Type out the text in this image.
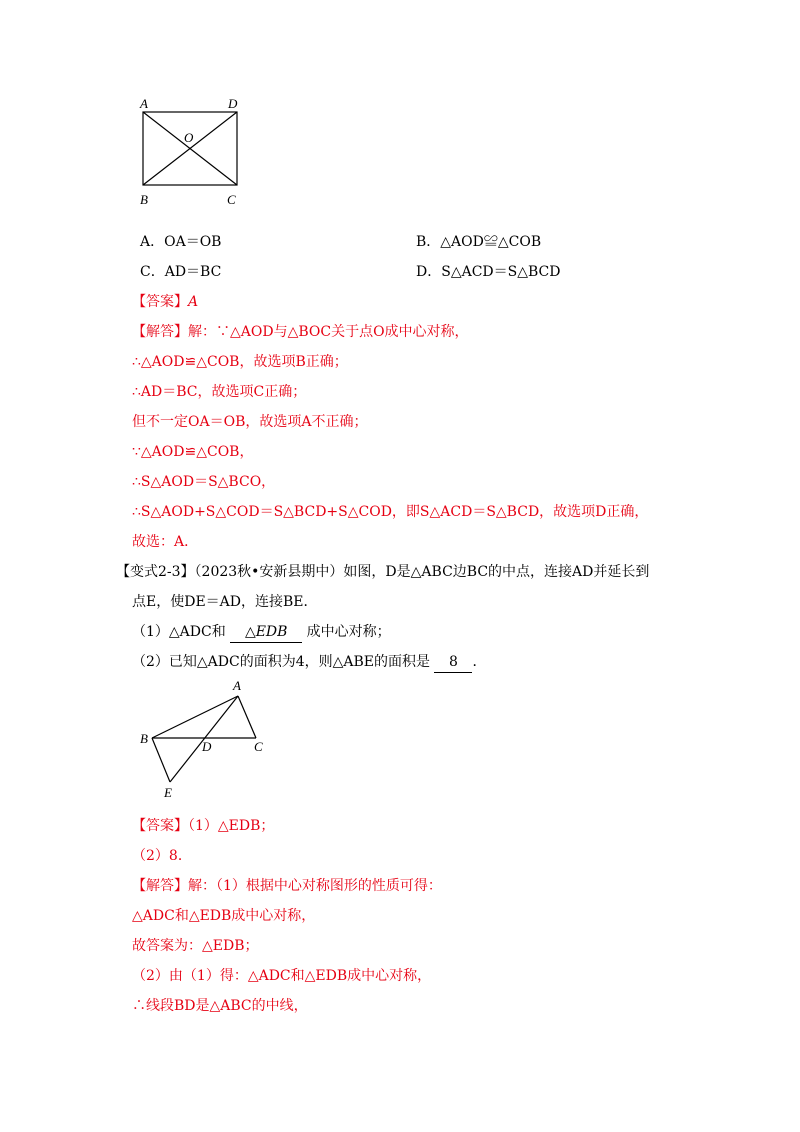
A	D
O
B	C
A．OA＝OB	B．△AOD≌△COB
C．AD＝BC	D．S△ACD＝S△BCD
【答案】A
【解答】解：∵△AOD与△BOC关于点O成中心对称，
∴△AOD≌△COB，故选项B正确；
∴AD＝BC，故选项C正确；
但不一定OA＝OB，故选项A不正确；
∵△AOD≌△COB，
∴S△AOD＝S△BCO，
∴S△AOD+S△COD＝S△BCD+S△COD，即S△ACD＝S△BCD，故选项D正确，
故选：A．
【变式2-3】（2023秋•安新县期中）如图，D是△ABC边BC的中点，连接AD并延长到
点E，使DE＝AD，连接BE．
（1）△ADC和 △EDB 成中心对称；
（2）已知△ADC的面积为4，则△ABE的面积是 8 ．
A
B
D	C
E
【答案】（1）△EDB；
（2）8．
【解答】解：（1）根据中心对称图形的性质可得：
△ADC和△EDB成中心对称，
故答案为：△EDB；
（2）由（1）得：△ADC和△EDB成中心对称，
∴线段BD是△ABC的中线，
